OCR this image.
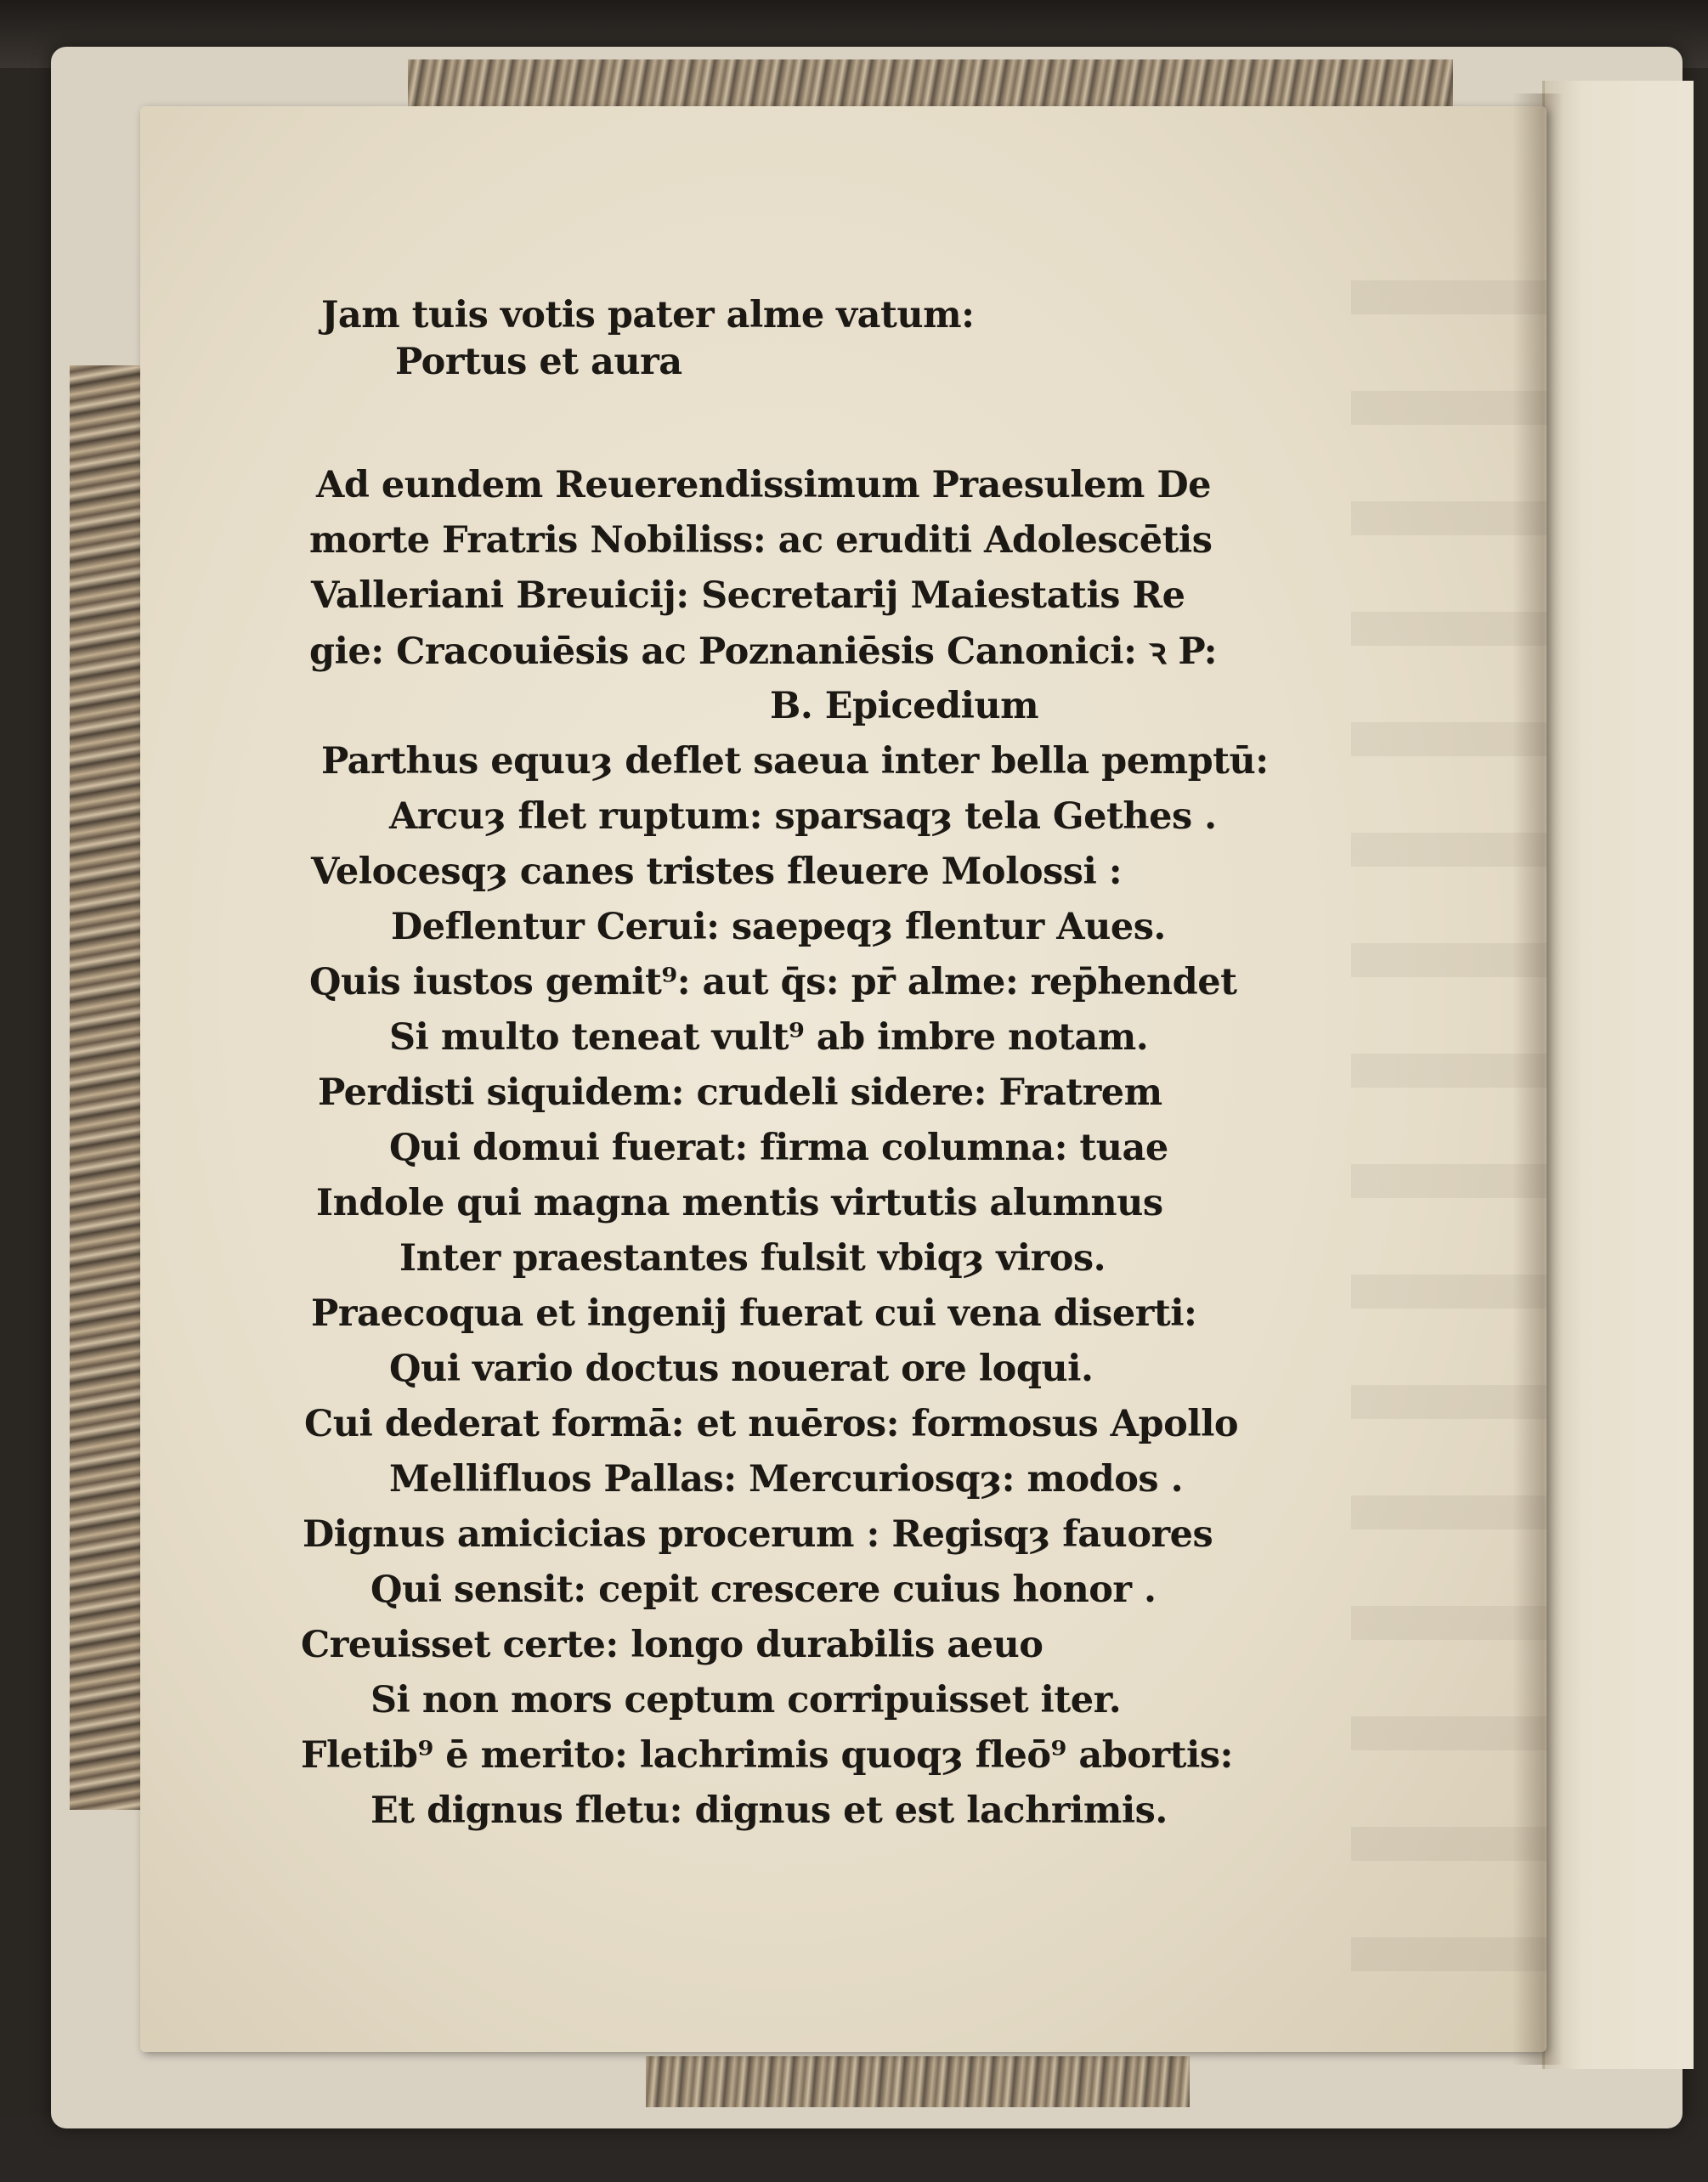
Jam tuis votis pater alme vatum:
Portus et aura
Ad eundem Reuerendissimum Praesulem De
morte Fratris Nobiliss: ac eruditi Adolescētis
Valleriani Breuicij: Secretarij Maiestatis Re
gie: Cracouiēsis ac Poznaniēsis Canonici: ꝛ P:
B. Epicedium
Parthus equuȝ deflet saeua inter bella pemptū:
Arcuȝ flet ruptum: sparsaqȝ tela Gethes .
Velocesqȝ canes tristes fleuere Molossi :
Deflentur Cerui: saepeqȝ flentur Aues.
Quis iustos gemit⁹: aut q̄s: pr̄ alme: rep̄hendet
Si multo teneat vult⁹ ab imbre notam.
Perdisti siquidem: crudeli sidere: Fratrem
Qui domui fuerat: firma columna: tuae
Indole qui magna mentis virtutis alumnus
Inter praestantes fulsit vbiqȝ viros.
Praecoqua et ingenij fuerat cui vena diserti:
Qui vario doctus nouerat ore loqui.
Cui dederat formā: et nuēros: formosus Apollo
Mellifluos Pallas: Mercuriosqȝ: modos .
Dignus amicicias procerum : Regisqȝ fauores
Qui sensit: cepit crescere cuius honor .
Creuisset certe: longo durabilis aeuo
Si non mors ceptum corripuisset iter.
Fletib⁹ ē merito: lachrimis quoqȝ fleō⁹ abortis:
Et dignus fletu: dignus et est lachrimis.
